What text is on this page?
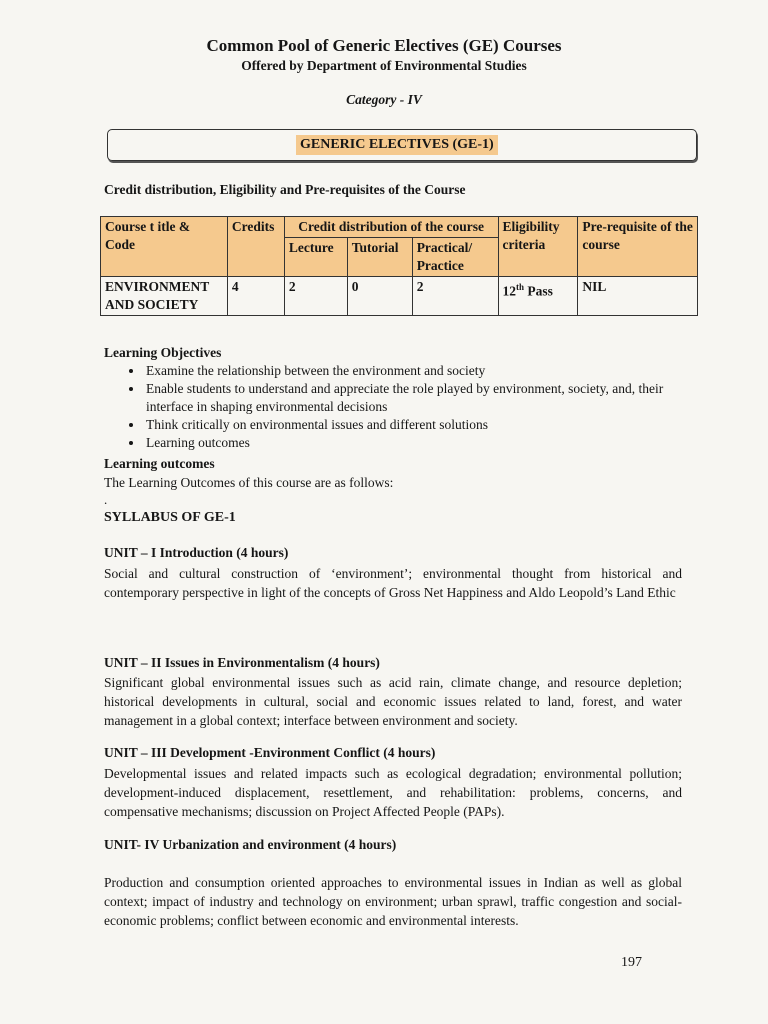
Common Pool of Generic Electives (GE) Courses
Offered by Department of Environmental Studies
Category - IV
GENERIC ELECTIVES (GE-1)
Credit distribution, Eligibility and Pre-requisites of the Course
Course t itle & Code	Credits	Credit distribution of the course			Eligibility criteria	Pre-requisite of the course
		Lecture	Tutorial	Practical/ Practice		
ENVIRONMENT AND SOCIETY	4	2	0	2	12th Pass	NIL
Learning Objectives
• Examine the relationship between the environment and society
• Enable students to understand and appreciate the role played by environment, society, and, their interface in shaping environmental decisions
• Think critically on environmental issues and different solutions
• Learning outcomes
Learning outcomes
The Learning Outcomes of this course are as follows:
.
SYLLABUS OF GE-1
UNIT – I Introduction (4 hours)
Social and cultural construction of ‘environment’; environmental thought from historical and contemporary perspective in light of the concepts of Gross Net Happiness and Aldo Leopold’s Land Ethic
UNIT – II Issues in Environmentalism (4 hours)
Significant global environmental issues such as acid rain, climate change, and resource depletion; historical developments in cultural, social and economic issues related to land, forest, and water management in a global context; interface between environment and society.
UNIT – III Development -Environment Conflict (4 hours)
Developmental issues and related impacts such as ecological degradation; environmental pollution; development-induced displacement, resettlement, and rehabilitation: problems, concerns, and compensative mechanisms; discussion on Project Affected People (PAPs).
UNIT- IV Urbanization and environment (4 hours)
Production and consumption oriented approaches to environmental issues in Indian as well as global context; impact of industry and technology on environment; urban sprawl, traffic congestion and social-economic problems; conflict between economic and environmental interests.
197
